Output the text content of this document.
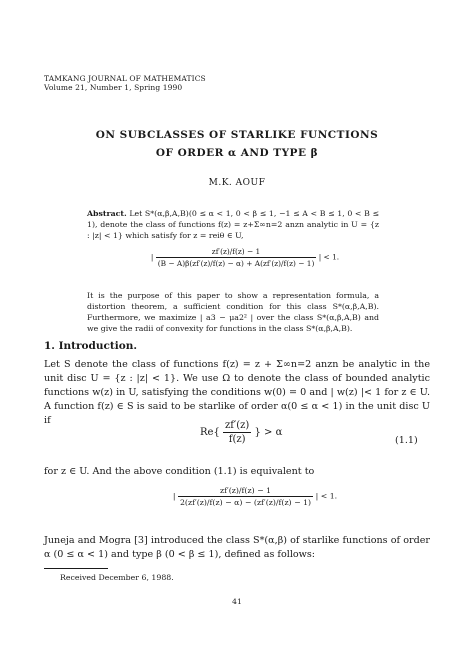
TAMKANG JOURNAL OF MATHEMATICS
Volume 21, Number 1, Spring 1990
ON SUBCLASSES OF STARLIKE FUNCTIONS
OF ORDER α AND TYPE β
M.K. AOUF
Abstract. Let S*(α,β,A,B)(0 ≤ α < 1, 0 < β ≤ 1, −1 ≤ A < B ≤ 1, 0 < B ≤ 1), denote the class of functions f(z) = z+Σ∞n=2 anzn analytic in U = {z : |z| < 1} which satisfy for z = reiθ ∈ U,
| $\frac{zf'(z)/f(z) - 1}{(B - A)\beta(zf'(z)/f(z) - \alpha) + A(zf'(z)/f(z) - 1)}$ | < 1.
It is the purpose of this paper to show a representation formula, a distortion theorem, a sufficient condition for this class S*(α,β,A,B). Furthermore, we maximize | a3 − μa2² | over the class S*(α,β,A,B) and we give the radii of convexity for functions in the class S*(α,β,A,B).
1. Introduction.
Let S denote the class of functions f(z) = z + Σ∞n=2 anzn be analytic in the unit disc U = {z : |z| < 1}. We use Ω to denote the class of bounded analytic functions w(z) in U, satisfying the conditions w(0) = 0 and | w(z) |< 1 for z ∈ U. A function f(z) ∈ S is said to be starlike of order α(0 ≤ α < 1) in the unit disc U if
$Re\{ \frac{zf'(z)}{f(z)}$ } > α
(1.1)
for z ∈ U. And the above condition (1.1) is equivalent to
| $\frac{zf'(z)/f(z) - 1}{2(zf'(z)/f(z) - \alpha) - (zf'(z)/f(z) - 1)}$ | < 1.
Juneja and Mogra [3] introduced the class S*(α,β) of starlike functions of order α (0 ≤ α < 1) and type β (0 < β ≤ 1), defined as follows:
Received December 6, 1988.
41
